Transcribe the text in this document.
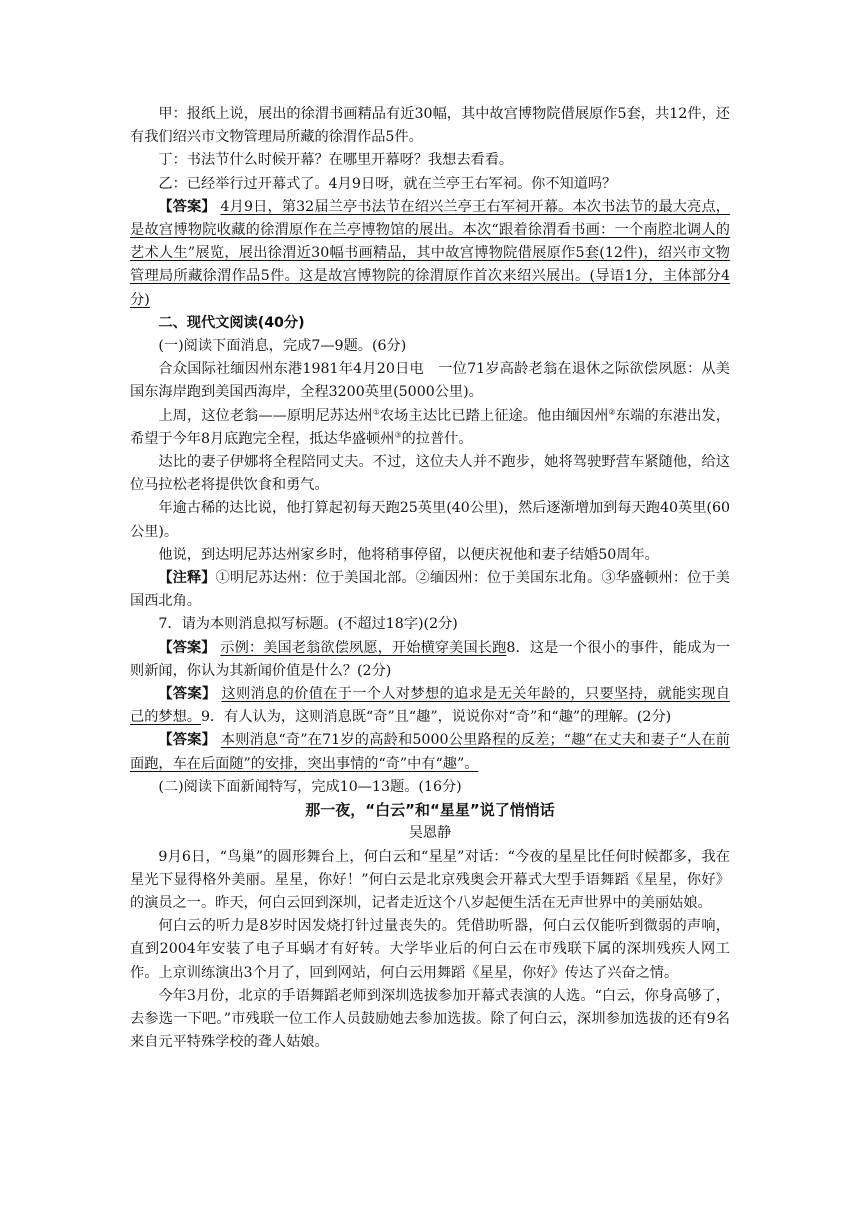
甲：报纸上说，展出的徐渭书画精品有近30幅，其中故宫博物院借展原作5套，共12件，还有我们绍兴市文物管理局所藏的徐渭作品5件。

丁：书法节什么时候开幕？在哪里开幕呀？我想去看看。

乙：已经举行过开幕式了。4月9日呀，就在兰亭王右军祠。你不知道吗？

【答案】 4月9日，第32届兰亭书法节在绍兴兰亭王右军祠开幕。本次书法节的最大亮点，是故宫博物院收藏的徐渭原作在兰亭博物馆的展出。本次“跟着徐渭看书画：一个南腔北调人的艺术人生”展览，展出徐渭近30幅书画精品，其中故宫博物院借展原作5套(12件)，绍兴市文物管理局所藏徐渭作品5件。这是故宫博物院的徐渭原作首次来绍兴展出。(导语1分，主体部分4分)

二、现代文阅读(40分)

(一)阅读下面消息，完成7—9题。(6分)

合众国际社缅因州东港1981年4月20日电　一位71岁高龄老翁在退休之际欲偿夙愿：从美国东海岸跑到美国西海岸，全程3200英里(5000公里)。

上周，这位老翁——原明尼苏达州①农场主达比已踏上征途。他由缅因州②东端的东港出发，希望于今年8月底跑完全程，抵达华盛顿州③的拉普什。

达比的妻子伊娜将全程陪同丈夫。不过，这位夫人并不跑步，她将驾驶野营车紧随他，给这位马拉松老将提供饮食和勇气。

年逾古稀的达比说，他打算起初每天跑25英里(40公里)，然后逐渐增加到每天跑40英里(60公里)。

他说，到达明尼苏达州家乡时，他将稍事停留，以便庆祝他和妻子结婚50周年。

【注释】①明尼苏达州：位于美国北部。②缅因州：位于美国东北角。③华盛顿州：位于美国西北角。

7．请为本则消息拟写标题。(不超过18字)(2分)

【答案】 示例：美国老翁欲偿夙愿，开始横穿美国长跑8．这是一个很小的事件，能成为一则新闻，你认为其新闻价值是什么？(2分)

【答案】 这则消息的价值在于一个人对梦想的追求是无关年龄的，只要坚持，就能实现自己的梦想。9．有人认为，这则消息既“奇”且“趣”，说说你对“奇”和“趣”的理解。(2分)

【答案】 本则消息“奇”在71岁的高龄和5000公里路程的反差；“趣”在丈夫和妻子“人在前面跑，车在后面随”的安排，突出事情的“奇”中有“趣”。

(二)阅读下面新闻特写，完成10—13题。(16分)

那一夜，“白云”和“星星”说了悄悄话

吴恩静

9月6日，“鸟巢”的圆形舞台上，何白云和“星星”对话：“今夜的星星比任何时候都多，我在星光下显得格外美丽。星星，你好！”何白云是北京残奥会开幕式大型手语舞蹈《星星，你好》的演员之一。昨天，何白云回到深圳，记者走近这个八岁起便生活在无声世界中的美丽姑娘。

何白云的听力是8岁时因发烧打针过量丧失的。凭借助听器，何白云仅能听到微弱的声响，直到2004年安装了电子耳蜗才有好转。大学毕业后的何白云在市残联下属的深圳残疾人网工作。上京训练演出3个月了，回到网站，何白云用舞蹈《星星，你好》传达了兴奋之情。

今年3月份，北京的手语舞蹈老师到深圳选拔参加开幕式表演的人选。“白云，你身高够了，去参选一下吧。”市残联一位工作人员鼓励她去参加选拔。除了何白云，深圳参加选拔的还有9名来自元平特殊学校的聋人姑娘。
